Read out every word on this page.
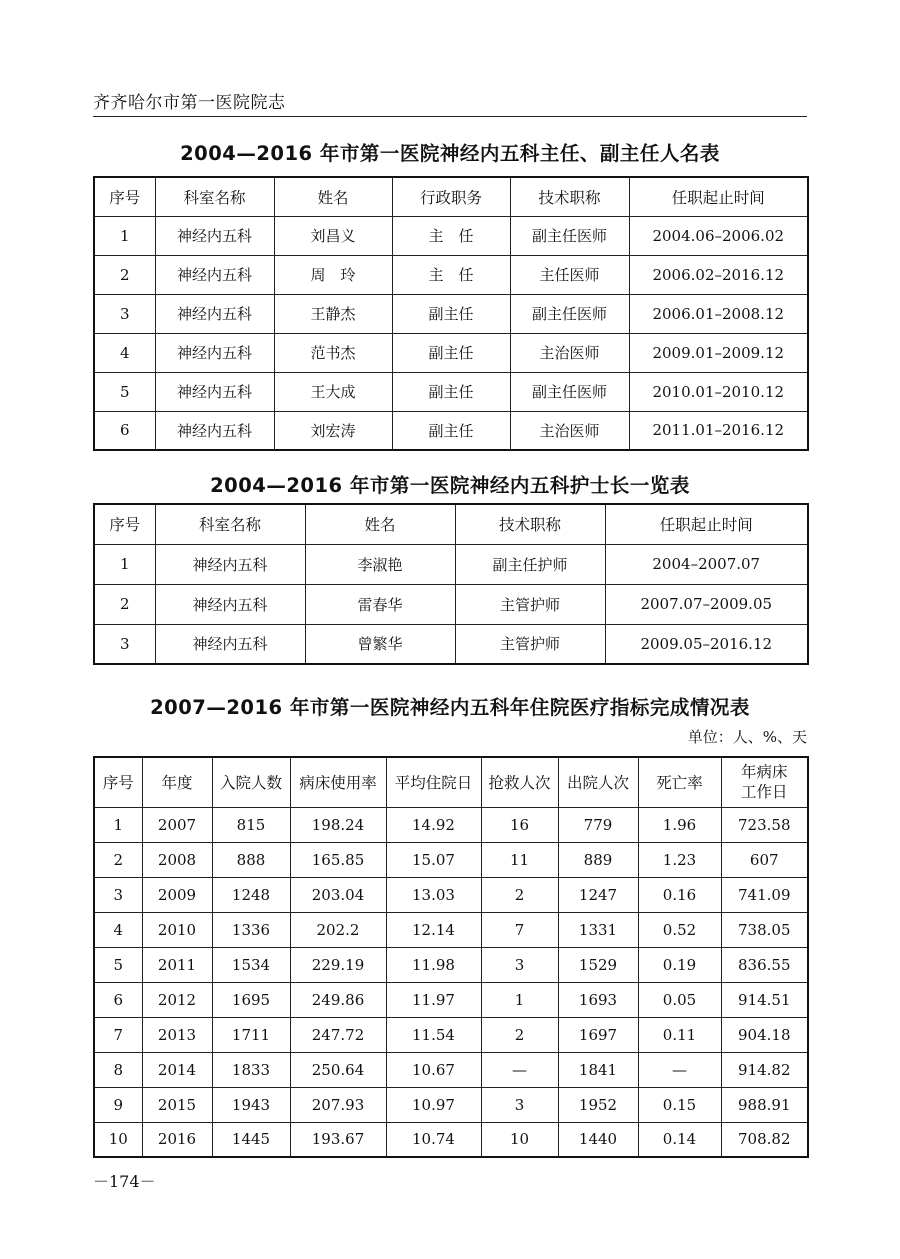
齐齐哈尔市第一医院院志
2004—2016 年市第一医院神经内五科主任、副主任人名表
序号	科室名称	姓名	行政职务	技术职称	任职起止时间
1	神经内五科	刘昌义	主　任	副主任医师	2004.06–2006.02
2	神经内五科	周　玲	主　任	主任医师	2006.02–2016.12
3	神经内五科	王静杰	副主任	副主任医师	2006.01–2008.12
4	神经内五科	范书杰	副主任	主治医师	2009.01–2009.12
5	神经内五科	王大成	副主任	副主任医师	2010.01–2010.12
6	神经内五科	刘宏涛	副主任	主治医师	2011.01–2016.12
2004—2016 年市第一医院神经内五科护士长一览表
序号	科室名称	姓名	技术职称	任职起止时间
1	神经内五科	李淑艳	副主任护师	2004–2007.07
2	神经内五科	雷春华	主管护师	2007.07–2009.05
3	神经内五科	曾繁华	主管护师	2009.05–2016.12
2007—2016 年市第一医院神经内五科年住院医疗指标完成情况表
单位：人、%、天
序号	年度	入院人数	病床使用率	平均住院日	抢救人次	出院人次	死亡率	年病床
工作日
1	2007	815	198.24	14.92	16	779	1.96	723.58
2	2008	888	165.85	15.07	11	889	1.23	607
3	2009	1248	203.04	13.03	2	1247	0.16	741.09
4	2010	1336	202.2	12.14	7	1331	0.52	738.05
5	2011	1534	229.19	11.98	3	1529	0.19	836.55
6	2012	1695	249.86	11.97	1	1693	0.05	914.51
7	2013	1711	247.72	11.54	2	1697	0.11	904.18
8	2014	1833	250.64	10.67	—	1841	—	914.82
9	2015	1943	207.93	10.97	3	1952	0.15	988.91
10	2016	1445	193.67	10.74	10	1440	0.14	708.82
－174－
